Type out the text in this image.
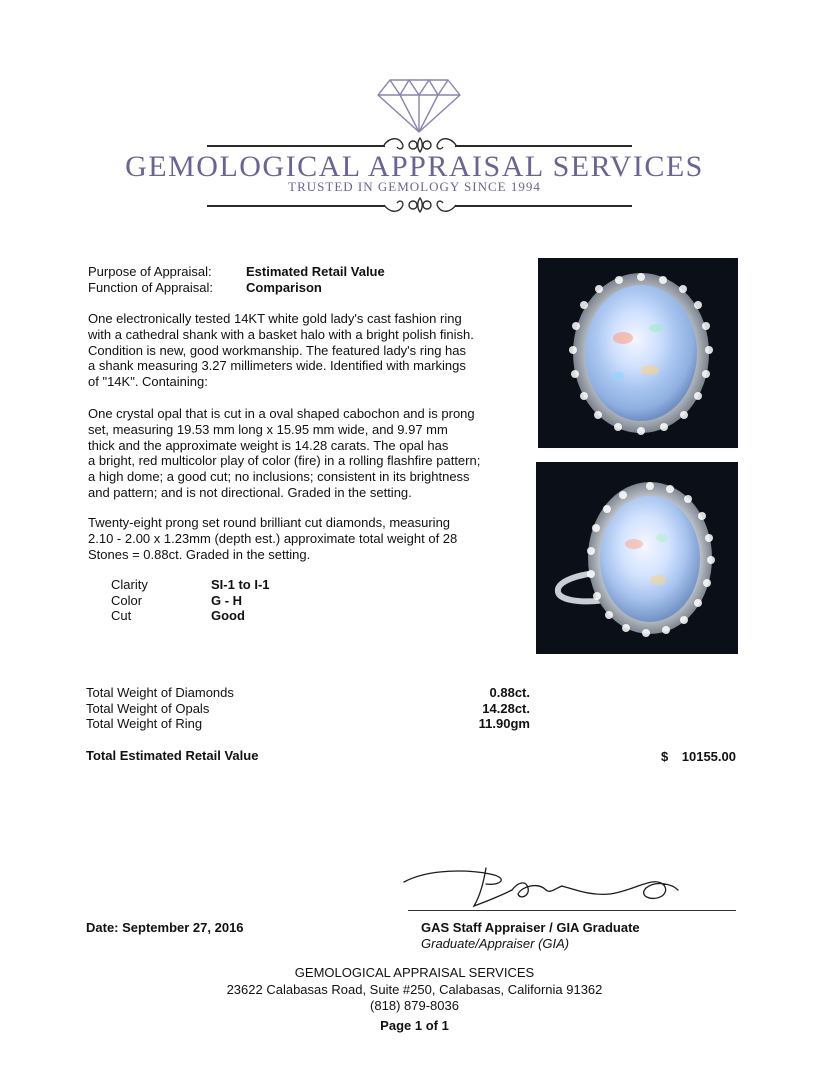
GEMOLOGICAL APPRAISAL SERVICES
TRUSTED IN GEMOLOGY SINCE 1994
Purpose of Appraisal:	Estimated Retail Value
Function of Appraisal:	Comparison
One electronically tested 14KT white gold lady's cast fashion ring
with a cathedral shank with a basket halo with a bright polish finish.
Condition is new, good workmanship. The featured lady's ring has
a shank measuring 3.27 millimeters wide. Identified with markings
of "14K". Containing:
One crystal opal that is cut in a oval shaped cabochon and is prong
set, measuring 19.53 mm long x 15.95 mm wide, and 9.97 mm
thick and the approximate weight is 14.28 carats. The opal has
a bright, red multicolor play of color (fire) in a rolling flashfire pattern;
a high dome; a good cut; no inclusions; consistent in its brightness
and pattern; and is not directional. Graded in the setting.
Twenty-eight prong set round brilliant cut diamonds, measuring
2.10 - 2.00 x 1.23mm (depth est.) approximate total weight of 28
Stones = 0.88ct. Graded in the setting.
Clarity	SI-1 to I-1
Color	G - H
Cut	Good
Total Weight of Diamonds	0.88ct.
Total Weight of Opals	14.28ct.
Total Weight of Ring	11.90gm
Total Estimated Retail Value	$	10155.00
Date: September 27, 2016	GAS Staff Appraiser / GIA Graduate
Graduate/Appraiser (GIA)
GEMOLOGICAL APPRAISAL SERVICES
23622 Calabasas Road, Suite #250, Calabasas, California 91362
(818) 879-8036
Page 1 of 1
